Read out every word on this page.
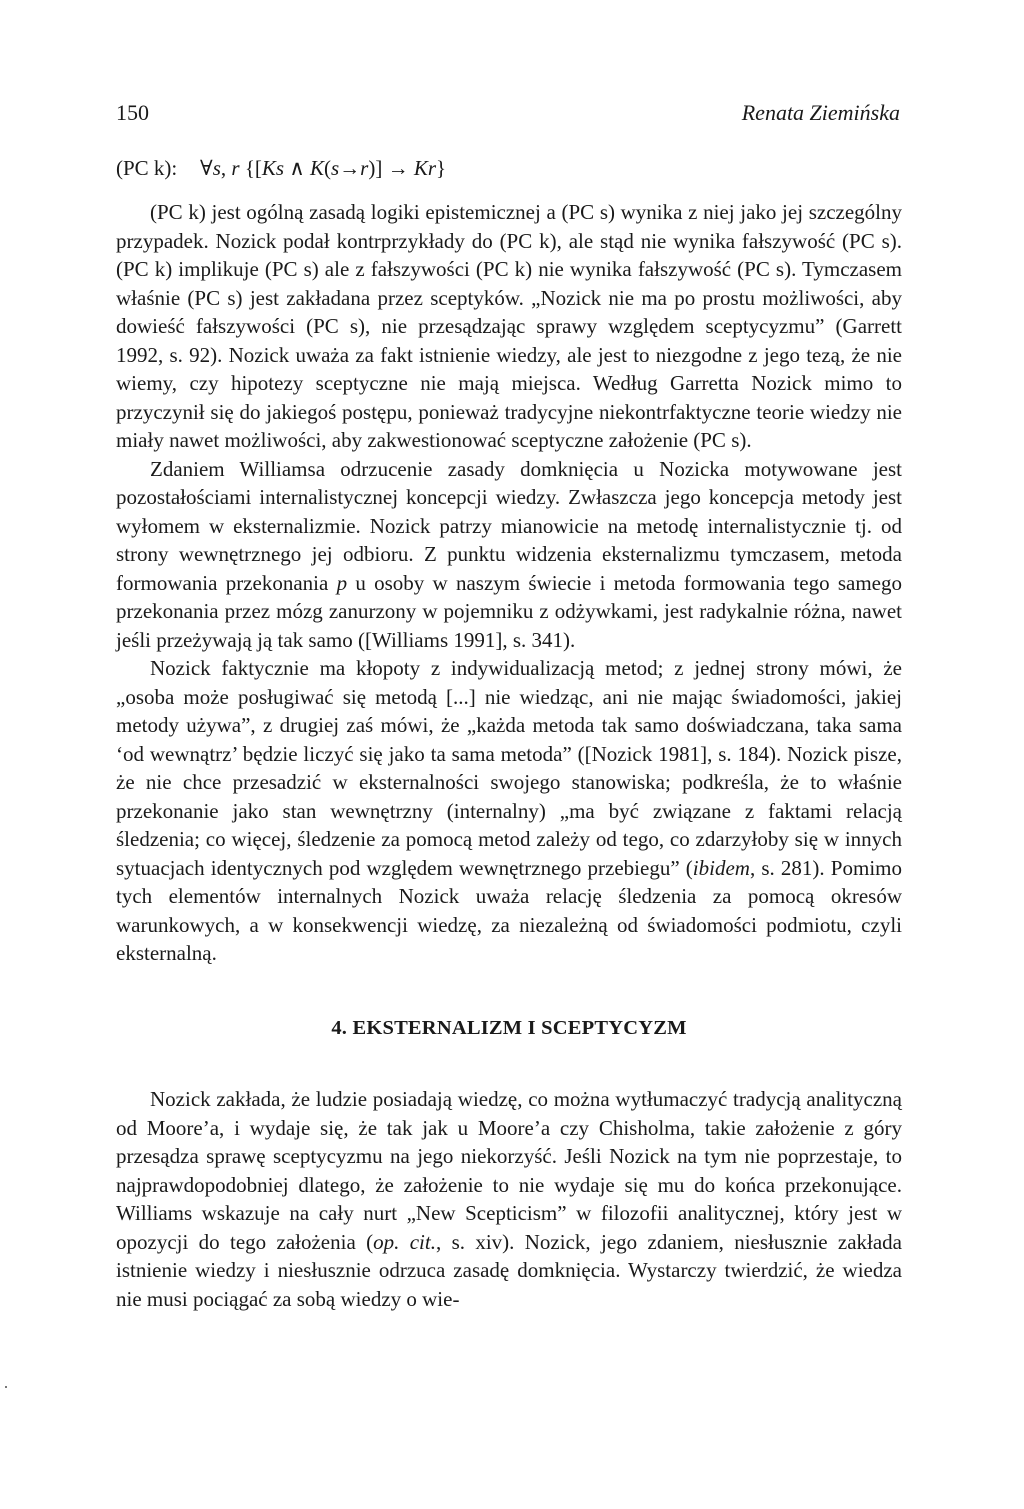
150	Renata Ziemińska
(PC k): ∀s, r {[Ks ∧ K(s→r)] → Kr}

(PC k) jest ogólną zasadą logiki epistemicznej a (PC s) wynika z niej jako jej szczególny przypadek. Nozick podał kontrprzykłady do (PC k), ale stąd nie wynika fałszywość (PC s). (PC k) implikuje (PC s) ale z fałszywości (PC k) nie wynika fałszywość (PC s). Tymczasem właśnie (PC s) jest zakładana przez sceptyków. „Nozick nie ma po prostu możliwości, aby dowieść fałszywości (PC s), nie przesądzając sprawy względem sceptycyzmu” (Garrett 1992, s. 92). Nozick uważa za fakt istnienie wiedzy, ale jest to niezgodne z jego tezą, że nie wiemy, czy hipotezy sceptyczne nie mają miejsca. Według Garretta Nozick mimo to przyczynił się do jakiegoś postępu, ponieważ tradycyjne niekontrfaktyczne teorie wiedzy nie miały nawet możliwości, aby zakwestionować sceptyczne założenie (PC s).

Zdaniem Williamsa odrzucenie zasady domknięcia u Nozicka motywowane jest pozostałościami internalistycznej koncepcji wiedzy. Zwłaszcza jego koncepcja metody jest wyłomem w eksternalizmie. Nozick patrzy mianowicie na metodę internalistycznie tj. od strony wewnętrznego jej odbioru. Z punktu widzenia eksternalizmu tymczasem, metoda formowania przekonania p u osoby w naszym świecie i metoda formowania tego samego przekonania przez mózg zanurzony w pojemniku z odżywkami, jest radykalnie różna, nawet jeśli przeżywają ją tak samo ([Williams 1991], s. 341).

Nozick faktycznie ma kłopoty z indywidualizacją metod; z jednej strony mówi, że „osoba może posługiwać się metodą [...] nie wiedząc, ani nie mając świadomości, jakiej metody używa”, z drugiej zaś mówi, że „każda metoda tak samo doświadczana, taka sama ‘od wewnątrz’ będzie liczyć się jako ta sama metoda” ([Nozick 1981], s. 184). Nozick pisze, że nie chce przesadzić w eksternalności swojego stanowiska; podkreśla, że to właśnie przekonanie jako stan wewnętrzny (internalny) „ma być związane z faktami relacją śledzenia; co więcej, śledzenie za pomocą metod zależy od tego, co zdarzyłoby się w innych sytuacjach identycznych pod względem wewnętrznego przebiegu” (ibidem, s. 281). Pomimo tych elementów internalnych Nozick uważa relację śledzenia za pomocą okresów warunkowych, a w konsekwencji wiedzę, za niezależną od świadomości podmiotu, czyli eksternalną.

4. EKSTERNALIZM I SCEPTYCYZM

Nozick zakłada, że ludzie posiadają wiedzę, co można wytłumaczyć tradycją analityczną od Moore’a, i wydaje się, że tak jak u Moore’a czy Chisholma, takie założenie z góry przesądza sprawę sceptycyzmu na jego niekorzyść. Jeśli Nozick na tym nie poprzestaje, to najprawdopodobniej dlatego, że założenie to nie wydaje się mu do końca przekonujące. Williams wskazuje na cały nurt „New Scepticism” w filozofii analitycznej, który jest w opozycji do tego założenia (op. cit., s. xiv). Nozick, jego zdaniem, niesłusznie zakłada istnienie wiedzy i niesłusznie odrzuca zasadę domknięcia. Wystarczy twierdzić, że wiedza nie musi pociągać za sobą wiedzy o wie-
